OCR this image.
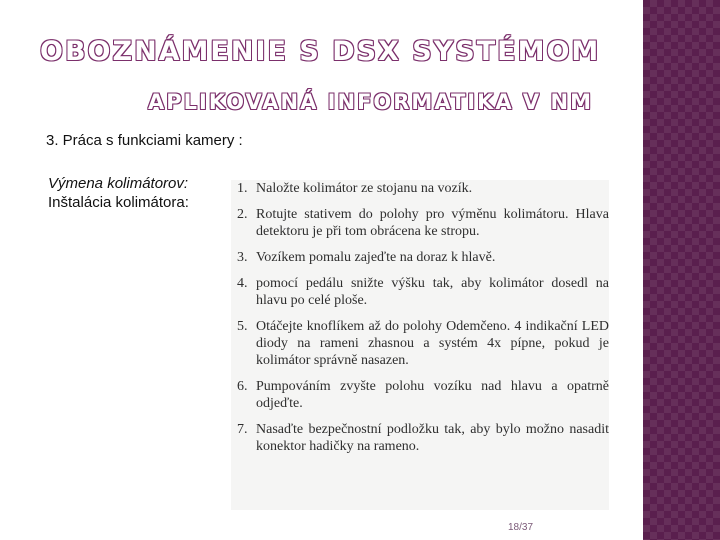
OBOZNÁMENIE S DSX SYSTÉMOM
APLIKOVANÁ INFORMATIKA V NM
3. Práca s funkciami kamery :
Výmena kolimátorov:
Inštalácia kolimátora:
1. Naložte kolimátor ze stojanu na vozík.
2. Rotujte stativem do polohy pro výměnu kolimátoru. Hlava detektoru je při tom obrácena ke stropu.
3. Vozíkem pomalu zajeďte na doraz k hlavě.
4. pomocí pedálu snižte výšku tak, aby kolimátor dosedl na hlavu po celé ploše.
5. Otáčejte knoflíkem až do polohy Odemčeno. 4 indikační LED diody na rameni zhasnou a systém 4x pípne, pokud je kolimátor správně nasazen.
6. Pumpováním zvyšte polohu vozíku nad hlavu a opatrně odjeďte.
7. Nasaďte bezpečnostní podložku tak, aby bylo možno nasadit konektor hadičky na rameno.
18/37
